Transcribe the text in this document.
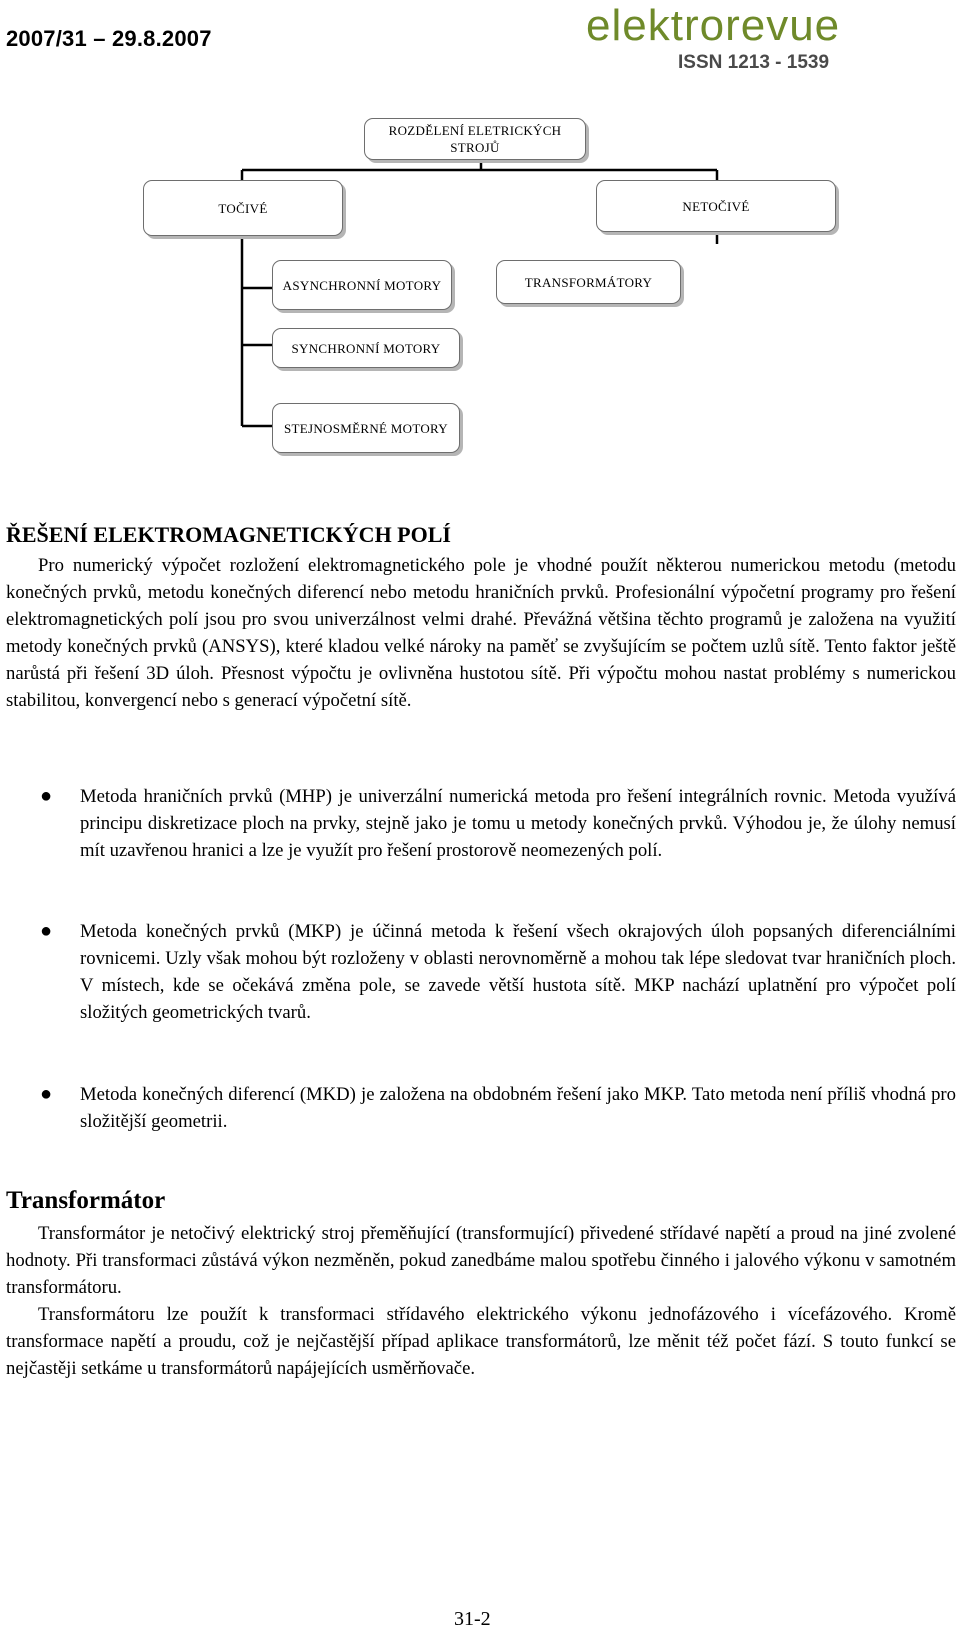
2007/31 – 29.8.2007	elektrorevue
ISSN 1213 - 1539
ROZDĚLENÍ ELETRICKÝCH STROJŮ
TOČIVÉ	NETOČIVÉ
ASYNCHRONNÍ MOTORY
SYNCHRONNÍ MOTORY
STEJNOSMĚRNÉ MOTORY
TRANSFORMÁTORY
ŘEŠENÍ ELEKTROMAGNETICKÝCH POLÍ
Pro numerický výpočet rozložení elektromagnetického pole je vhodné použít některou numerickou metodu (metodu konečných prvků, metodu konečných diferencí nebo metodu hraničních prvků. Profesionální výpočetní programy pro řešení elektromagnetických polí jsou pro svou univerzálnost velmi drahé. Převážná většina těchto programů je založena na využití metody konečných prvků (ANSYS), které kladou velké nároky na paměť se zvyšujícím se počtem uzlů sítě. Tento faktor ještě narůstá při řešení 3D úloh. Přesnost výpočtu je ovlivněna hustotou sítě. Při výpočtu mohou nastat problémy s numerickou stabilitou, konvergencí nebo s generací výpočetní sítě.
● Metoda hraničních prvků (MHP) je univerzální numerická metoda pro řešení integrálních rovnic. Metoda využívá principu diskretizace ploch na prvky, stejně jako je tomu u metody konečných prvků. Výhodou je, že úlohy nemusí mít uzavřenou hranici a lze je využít pro řešení prostorově neomezených polí.
● Metoda konečných prvků (MKP) je účinná metoda k řešení všech okrajových úloh popsaných diferenciálními rovnicemi. Uzly však mohou být rozloženy v oblasti nerovnoměrně a mohou tak lépe sledovat tvar hraničních ploch. V místech, kde se očekává změna pole, se zavede větší hustota sítě. MKP nachází uplatnění pro výpočet polí složitých geometrických tvarů.
● Metoda konečných diferencí (MKD) je založena na obdobném řešení jako MKP. Tato metoda není příliš vhodná pro složitější geometrii.
Transformátor
Transformátor je netočivý elektrický stroj přeměňující (transformující) přivedené střídavé napětí a proud na jiné zvolené hodnoty. Při transformaci zůstává výkon nezměněn, pokud zanedbáme malou spotřebu činného i jalového výkonu v samotném transformátoru.
Transformátoru lze použít k transformaci střídavého elektrického výkonu jednofázového i vícefázového. Kromě transformace napětí a proudu, což je nejčastější případ aplikace transformátorů, lze měnit též počet fází. S touto funkcí se nejčastěji setkáme u transformátorů napájejících usměrňovače.
31-2
